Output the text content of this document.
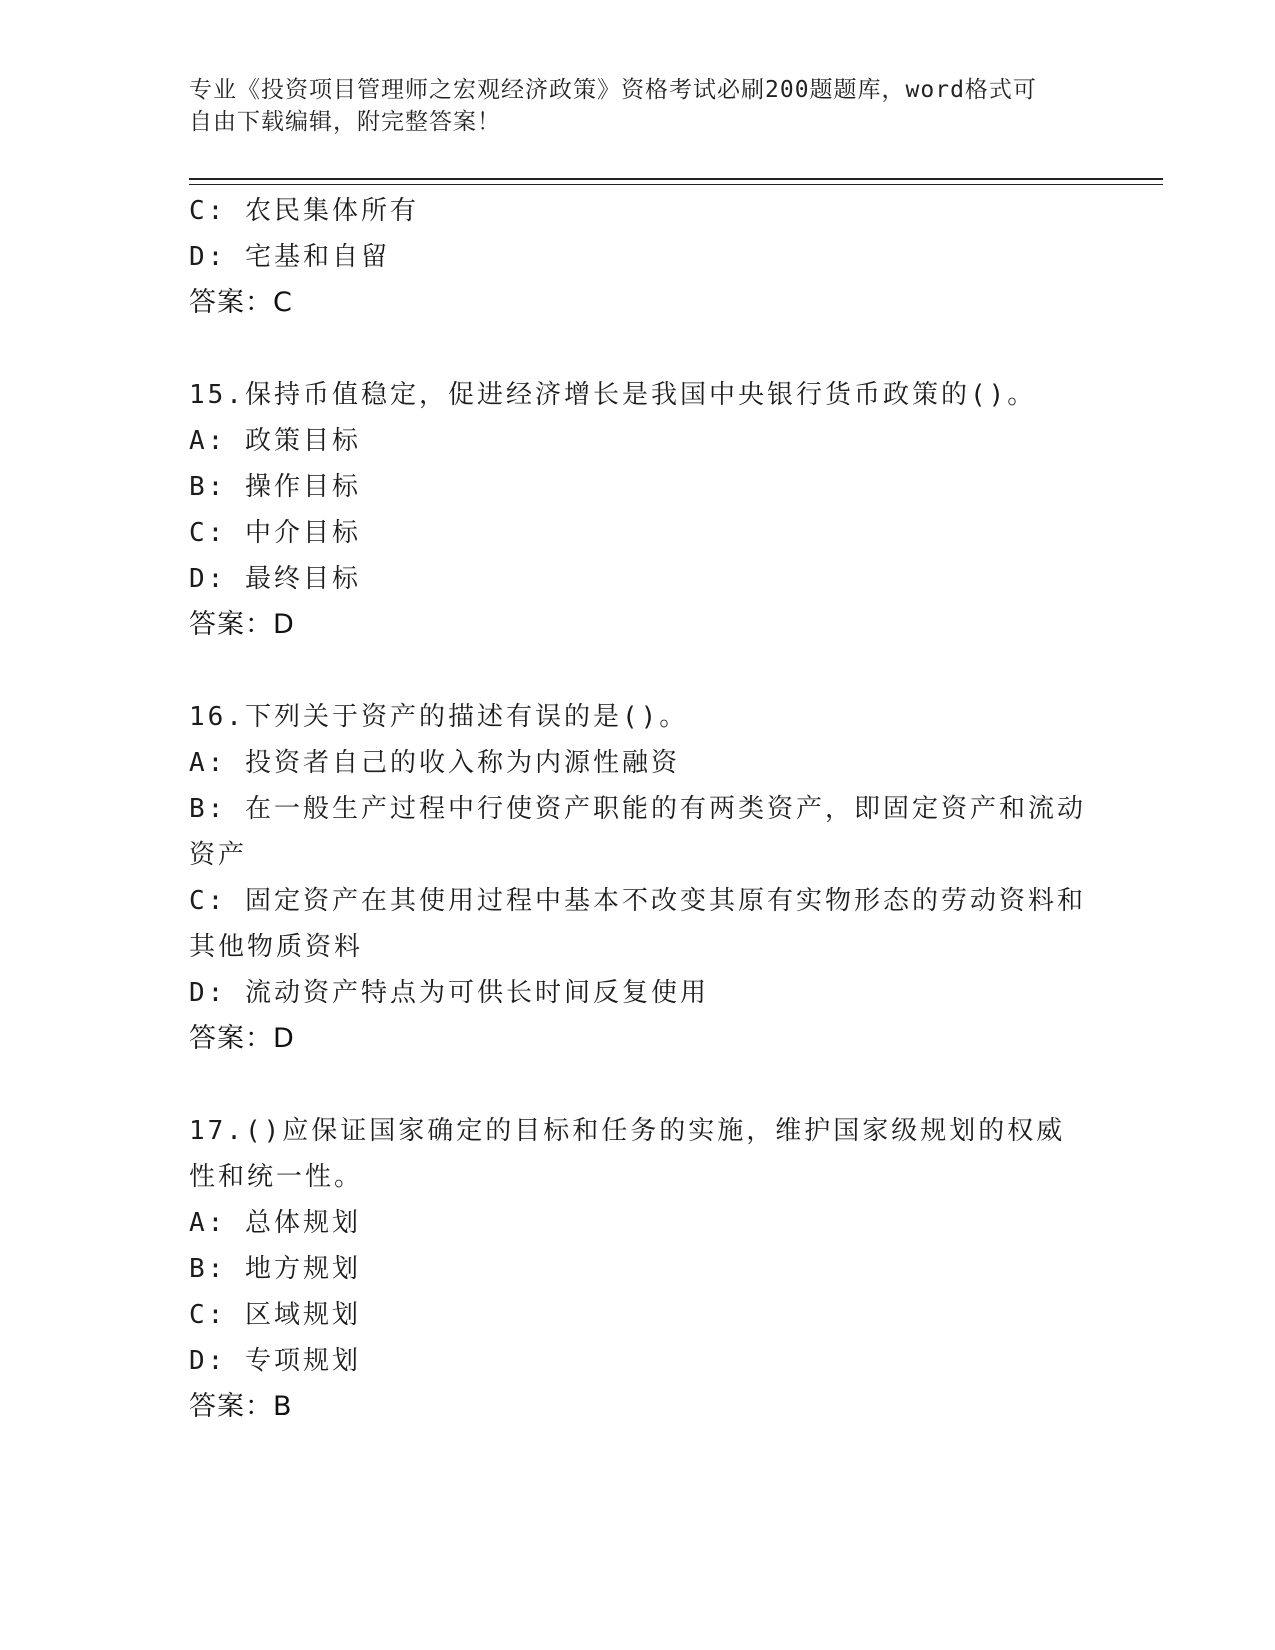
专业《投资项目管理师之宏观经济政策》资格考试必刷200题题库，word格式可
自由下载编辑，附完整答案！
C: 农民集体所有
D: 宅基和自留
答案：C
15.保持币值稳定，促进经济增长是我国中央银行货币政策的()。
A: 政策目标
B: 操作目标
C: 中介目标
D: 最终目标
答案：D
16.下列关于资产的描述有误的是()。
A: 投资者自己的收入称为内源性融资
B: 在一般生产过程中行使资产职能的有两类资产，即固定资产和流动资产
C: 固定资产在其使用过程中基本不改变其原有实物形态的劳动资料和其他物质资料
D: 流动资产特点为可供长时间反复使用
答案：D
17.()应保证国家确定的目标和任务的实施，维护国家级规划的权威性和统一性。
A: 总体规划
B: 地方规划
C: 区域规划
D: 专项规划
答案：B
